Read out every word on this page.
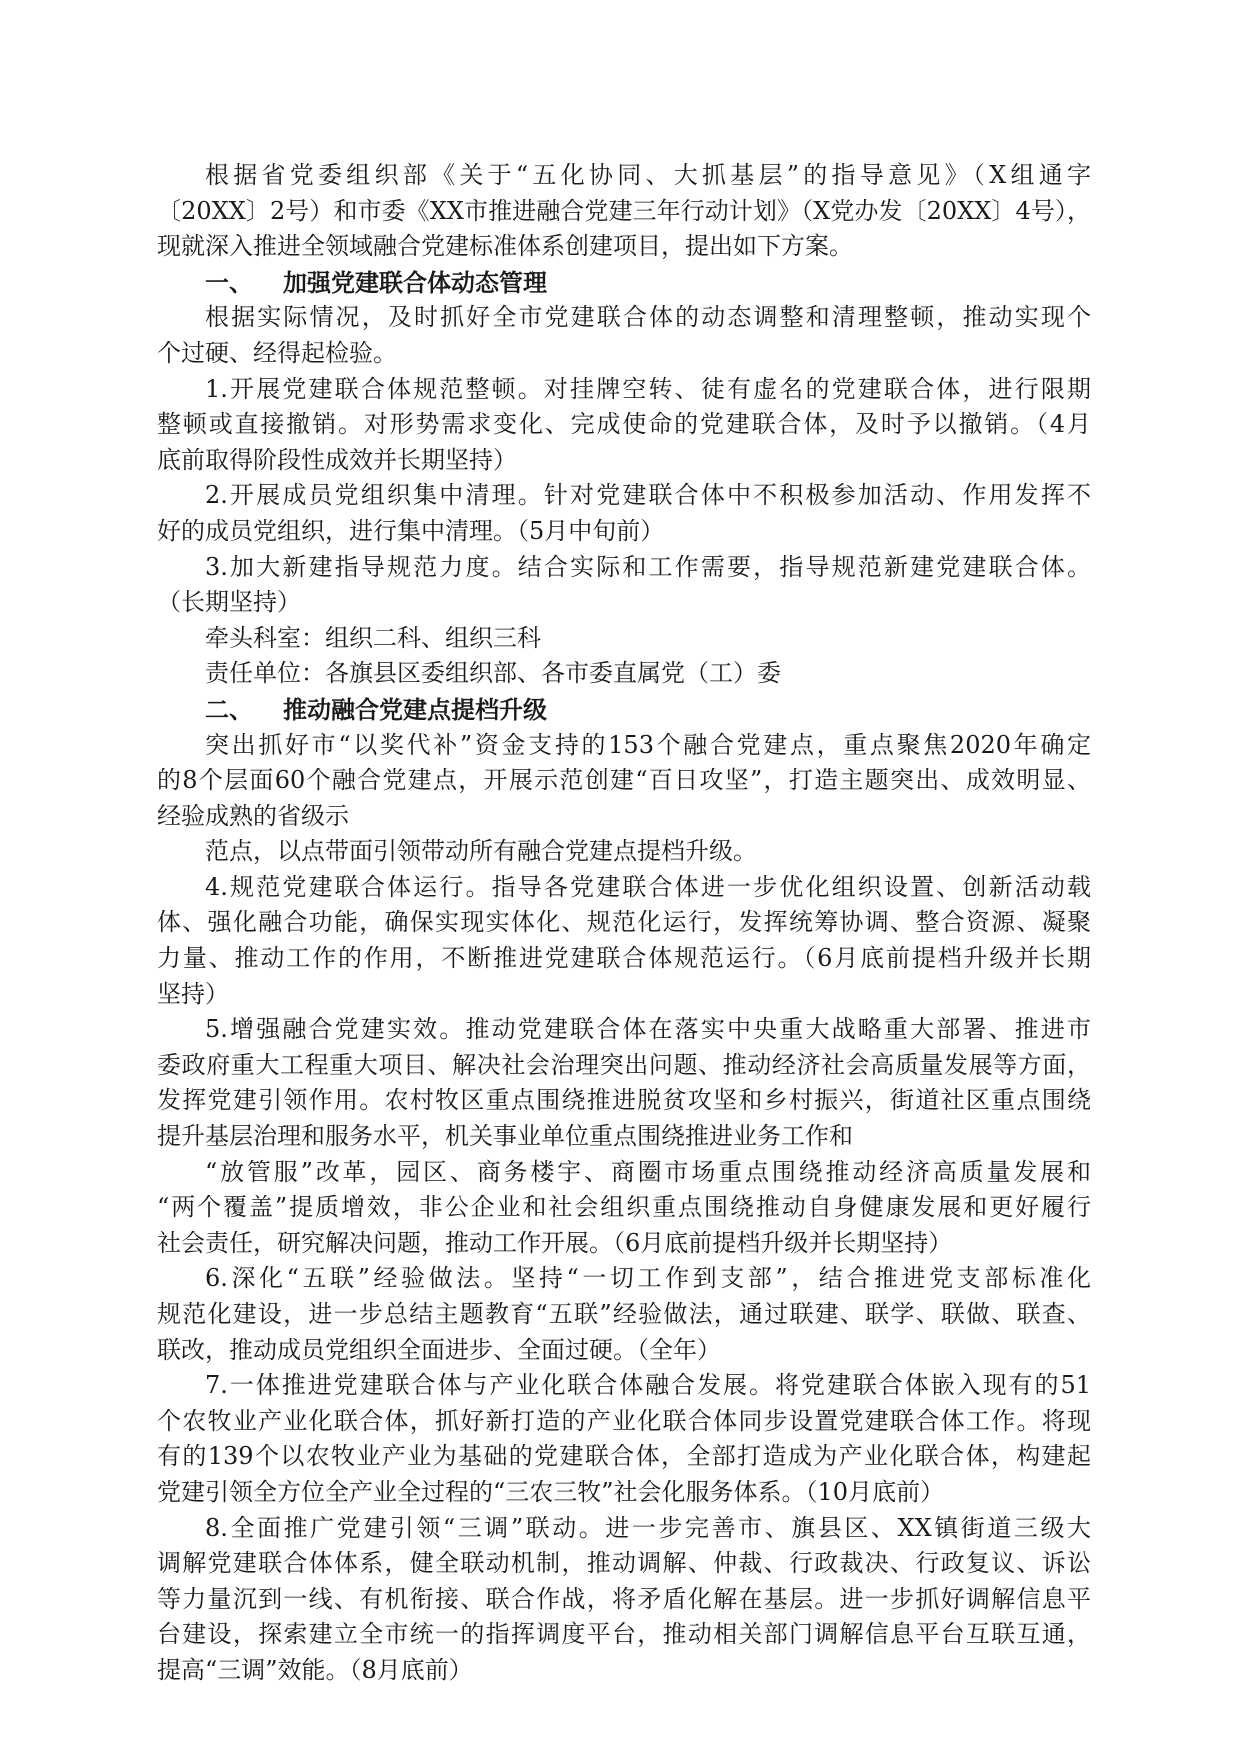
根据省党委组织部《关于“五化协同、大抓基层”的指导意见》（X组通字
〔20XX〕2号）和市委《XX市推进融合党建三年行动计划》（X党办发〔20XX〕4号），
现就深入推进全领域融合党建标准体系创建项目，提出如下方案。
一、 加强党建联合体动态管理
根据实际情况，及时抓好全市党建联合体的动态调整和清理整顿，推动实现个
个过硬、经得起检验。
1.开展党建联合体规范整顿。对挂牌空转、徒有虚名的党建联合体，进行限期
整顿或直接撤销。对形势需求变化、完成使命的党建联合体，及时予以撤销。（4月
底前取得阶段性成效并长期坚持）
2.开展成员党组织集中清理。针对党建联合体中不积极参加活动、作用发挥不
好的成员党组织，进行集中清理。（5月中旬前）
3.加大新建指导规范力度。结合实际和工作需要，指导规范新建党建联合体。
（长期坚持）
牵头科室：组织二科、组织三科
责任单位：各旗县区委组织部、各市委直属党（工）委
二、 推动融合党建点提档升级
突出抓好市“以奖代补”资金支持的153个融合党建点，重点聚焦2020年确定
的8个层面60个融合党建点，开展示范创建“百日攻坚”，打造主题突出、成效明显、
经验成熟的省级示
范点，以点带面引领带动所有融合党建点提档升级。
4.规范党建联合体运行。指导各党建联合体进一步优化组织设置、创新活动载
体、强化融合功能，确保实现实体化、规范化运行，发挥统筹协调、整合资源、凝聚
力量、推动工作的作用，不断推进党建联合体规范运行。（6月底前提档升级并长期
坚持）
5.增强融合党建实效。推动党建联合体在落实中央重大战略重大部署、推进市
委政府重大工程重大项目、解决社会治理突出问题、推动经济社会高质量发展等方面，
发挥党建引领作用。农村牧区重点围绕推进脱贫攻坚和乡村振兴，街道社区重点围绕
提升基层治理和服务水平，机关事业单位重点围绕推进业务工作和
“放管服”改革，园区、商务楼宇、商圈市场重点围绕推动经济高质量发展和
“两个覆盖”提质增效，非公企业和社会组织重点围绕推动自身健康发展和更好履行
社会责任，研究解决问题，推动工作开展。（6月底前提档升级并长期坚持）
6.深化“五联”经验做法。坚持“一切工作到支部”，结合推进党支部标准化
规范化建设，进一步总结主题教育“五联”经验做法，通过联建、联学、联做、联查、
联改，推动成员党组织全面进步、全面过硬。（全年）
7.一体推进党建联合体与产业化联合体融合发展。将党建联合体嵌入现有的51
个农牧业产业化联合体，抓好新打造的产业化联合体同步设置党建联合体工作。将现
有的139个以农牧业产业为基础的党建联合体，全部打造成为产业化联合体，构建起
党建引领全方位全产业全过程的“三农三牧”社会化服务体系。（10月底前）
8.全面推广党建引领“三调”联动。进一步完善市、旗县区、XX镇街道三级大
调解党建联合体体系，健全联动机制，推动调解、仲裁、行政裁决、行政复议、诉讼
等力量沉到一线、有机衔接、联合作战，将矛盾化解在基层。进一步抓好调解信息平
台建设，探索建立全市统一的指挥调度平台，推动相关部门调解信息平台互联互通，
提高“三调”效能。（8月底前）
